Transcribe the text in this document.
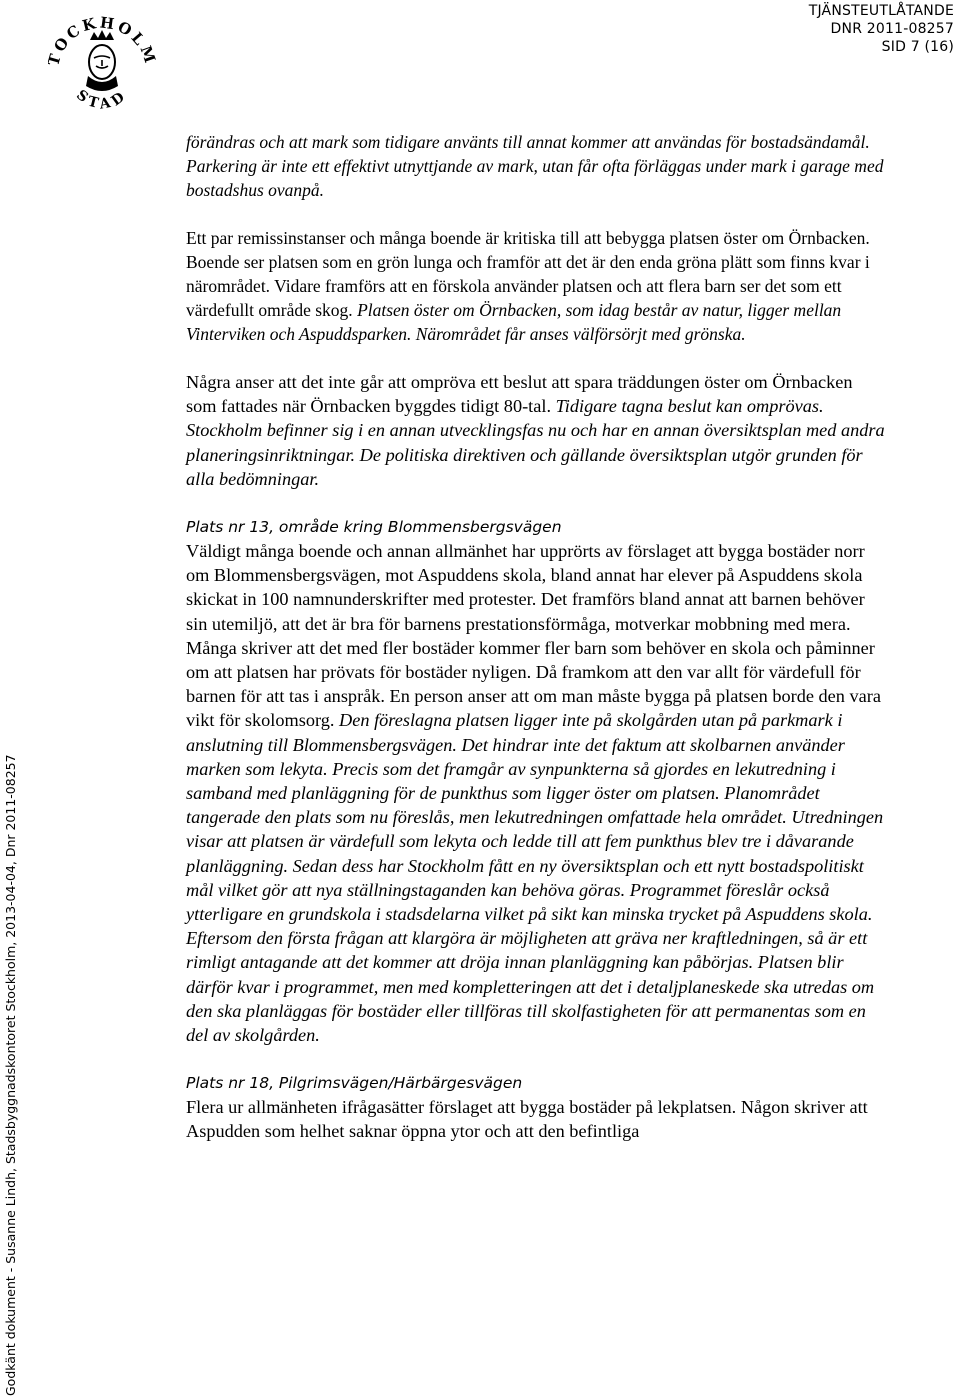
OCKHOL
STAD
TJÄNSTEUTLÅTANDE
DNR 2011-08257
SID 7 (16)
Godkänt dokument - Susanne Lindh, Stadsbyggnadskontoret Stockholm, 2013-04-04, Dnr 2011-08257

förändras och att mark som tidigare använts till annat kommer att användas för bostadsändamål. Parkering är inte ett effektivt utnyttjande av mark, utan får ofta förläggas under mark i garage med bostadshus ovanpå.

Ett par remissinstanser och många boende är kritiska till att bebygga platsen öster om Örnbacken. Boende ser platsen som en grön lunga och framför att det är den enda gröna plätt som finns kvar i närområdet. Vidare framförs att en förskola använder platsen och att flera barn ser det som ett värdefullt område skog. Platsen öster om Örnbacken, som idag består av natur, ligger mellan Vinterviken och Aspuddsparken. Närområdet får anses välförsörjt med grönska.

Några anser att det inte går att ompröva ett beslut att spara träddungen öster om Örnbacken som fattades när Örnbacken byggdes tidigt 80-tal. Tidigare tagna beslut kan omprövas. Stockholm befinner sig i en annan utvecklingsfas nu och har en annan översiktsplan med andra planeringsinriktningar. De politiska direktiven och gällande översiktsplan utgör grunden för alla bedömningar.

Plats nr 13, område kring Blommensbergsvägen

Väldigt många boende och annan allmänhet har upprörts av förslaget att bygga bostäder norr om Blommensbergsvägen, mot Aspuddens skola, bland annat har elever på Aspuddens skola skickat in 100 namnunderskrifter med protester. Det framförs bland annat att barnen behöver sin utemiljö, att det är bra för barnens prestationsförmåga, motverkar mobbning med mera. Många skriver att det med fler bostäder kommer fler barn som behöver en skola och påminner om att platsen har prövats för bostäder nyligen. Då framkom att den var allt för värdefull för barnen för att tas i anspråk. En person anser att om man måste bygga på platsen borde den vara vikt för skolomsorg. Den föreslagna platsen ligger inte på skolgården utan på parkmark i anslutning till Blommensbergsvägen. Det hindrar inte det faktum att skolbarnen använder marken som lekyta. Precis som det framgår av synpunkterna så gjordes en lekutredning i samband med planläggning för de punkthus som ligger öster om platsen. Planområdet tangerade den plats som nu föreslås, men lekutredningen omfattade hela området. Utredningen visar att platsen är värdefull som lekyta och ledde till att fem punkthus blev tre i dåvarande planläggning. Sedan dess har Stockholm fått en ny översiktsplan och ett nytt bostadspolitiskt mål vilket gör att nya ställningstaganden kan behöva göras. Programmet föreslår också ytterligare en grundskola i stadsdelarna vilket på sikt kan minska trycket på Aspuddens skola. Eftersom den första frågan att klargöra är möjligheten att gräva ner kraftledningen, så är ett rimligt antagande att det kommer att dröja innan planläggning kan påbörjas. Platsen blir därför kvar i programmet, men med kompletteringen att det i detaljplaneskede ska utredas om den ska planläggas för bostäder eller tillföras till skolfastigheten för att permanentas som en del av skolgården.

Plats nr 18, Pilgrimsvägen/Härbärgesvägen

Flera ur allmänheten ifrågasätter förslaget att bygga bostäder på lekplatsen. Någon skriver att Aspudden som helhet saknar öppna ytor och att den befintliga
